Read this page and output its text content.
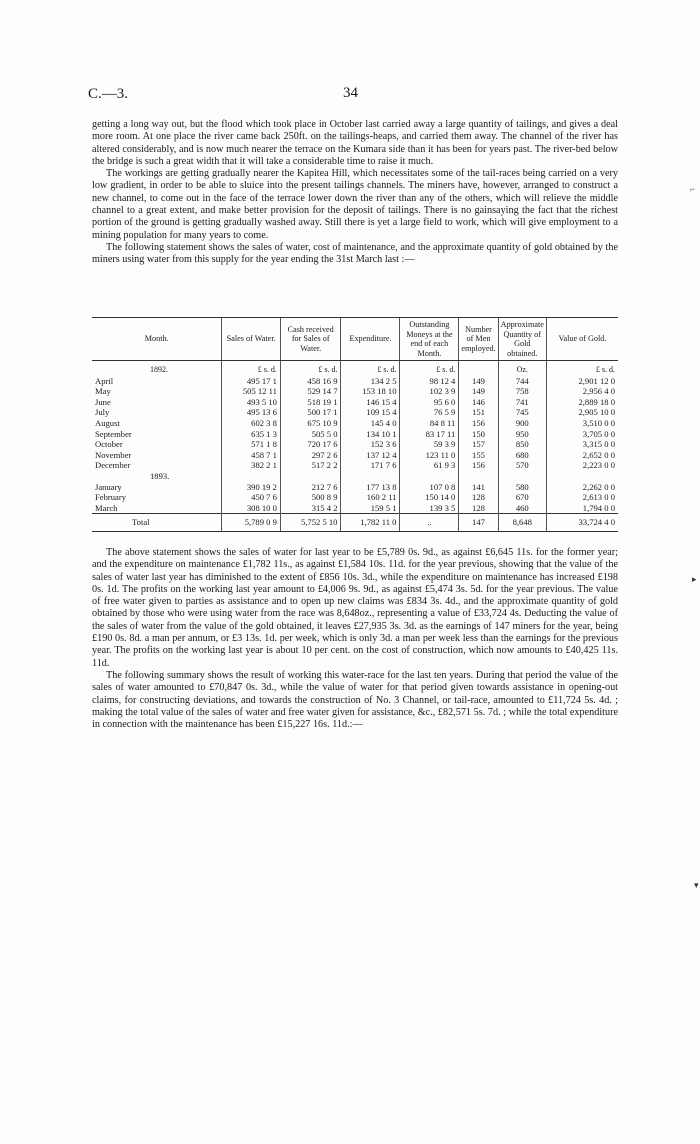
C.—3.	34

getting a long way out, but the flood which took place in October last carried away a large quantity of tailings, and gives a deal more room. At one place the river came back 250ft. on the tailings-heaps, and carried them away. The channel of the river has altered considerably, and is now much nearer the terrace on the Kumara side than it has been for years past. The river-bed below the bridge is such a great width that it will take a considerable time to raise it much.

The workings are getting gradually nearer the Kapitea Hill, which necessitates some of the tail-races being carried on a very low gradient, in order to be able to sluice into the present tailings channels. The miners have, however, arranged to construct a new channel, to come out in the face of the terrace lower down the river than any of the others, which will relieve the middle channel to a great extent, and make better provision for the deposit of tailings. There is no gainsaying the fact that the richest portion of the ground is getting gradually washed away. Still there is yet a large field to work, which will give employment to a mining population for many years to come.

The following statement shows the sales of water, cost of maintenance, and the approximate quantity of gold obtained by the miners using water from this supply for the year ending the 31st March last :—

Month.	Sales of Water.	Cash received for Sales of Water.	Expenditure.	Outstanding Moneys at the end of each Month.	Number of Men employed.	Approximate Quantity of Gold obtained.	Value of Gold.
1892.	£ s. d.	£ s. d.	£ s. d.	£ s. d.		Oz.	£ s. d.
April	495 17 1	458 16 9	134 2 5	98 12 4	149	744	2,901 12 0
May	505 12 11	529 14 7	153 18 10	102 3 9	149	758	2,956 4 0
June	493 5 10	518 19 1	146 15 4	95 6 0	146	741	2,889 18 0
July	495 13 6	500 17 1	109 15 4	76 5 9	151	745	2,905 10 0
August	602 3 8	675 10 9	145 4 0	84 8 11	156	900	3,510 0 0
September	635 1 3	505 5 0	134 10 1	83 17 11	150	950	3,705 0 0
October	571 1 8	720 17 6	152 3 6	59 3 9	157	850	3,315 0 0
November	458 7 1	297 2 6	137 12 4	123 11 0	155	680	2,652 0 0
December	382 2 1	517 2 2	171 7 6	61 9 3	156	570	2,223 0 0
1893.							
January	390 19 2	212 7 6	177 13 8	107 0 8	141	580	2,262 0 0
February	450 7 6	500 8 9	160 2 11	150 14 0	128	670	2,613 0 0
March	308 10 0	315 4 2	159 5 1	139 3 5	128	460	1,794 0 0
Total	5,789 0 9	5,752 5 10	1,782 11 0	..	147	8,648	33,724 4 0

The above statement shows the sales of water for last year to be £5,789 0s. 9d., as against £6,645 11s. for the former year; and the expenditure on maintenance £1,782 11s., as against £1,584 10s. 11d. for the year previous, showing that the value of the sales of water last year has diminished to the extent of £856 10s. 3d., while the expenditure on maintenance has increased £198 0s. 1d. The profits on the working last year amount to £4,006 9s. 9d., as against £5,474 3s. 5d. for the year previous. The value of free water given to parties as assistance and to open up new claims was £834 3s. 4d., and the approximate quantity of gold obtained by those who were using water from the race was 8,648oz., representing a value of £33,724 4s. Deducting the value of the sales of water from the value of the gold obtained, it leaves £27,935 3s. 3d. as the earnings of 147 miners for the year, being £190 0s. 8d. a man per annum, or £3 13s. 1d. per week, which is only 3d. a man per week less than the earnings for the previous year. The profits on the working last year is about 10 per cent. on the cost of construction, which now amounts to £40,425 11s. 11d.

The following summary shows the result of working this water-race for the last ten years. During that period the value of the sales of water amounted to £70,847 0s. 3d., while the value of water for that period given towards assistance in opening-out claims, for constructing deviations, and towards the construction of No. 3 Channel, or tail-race, amounted to £11,724 5s. 4d. ; making the total value of the sales of water and free water given for assistance, &c., £82,571 5s. 7d. ; while the total expenditure in connection with the maintenance has been £15,227 16s. 11d.:—

⌐
▸
▾
